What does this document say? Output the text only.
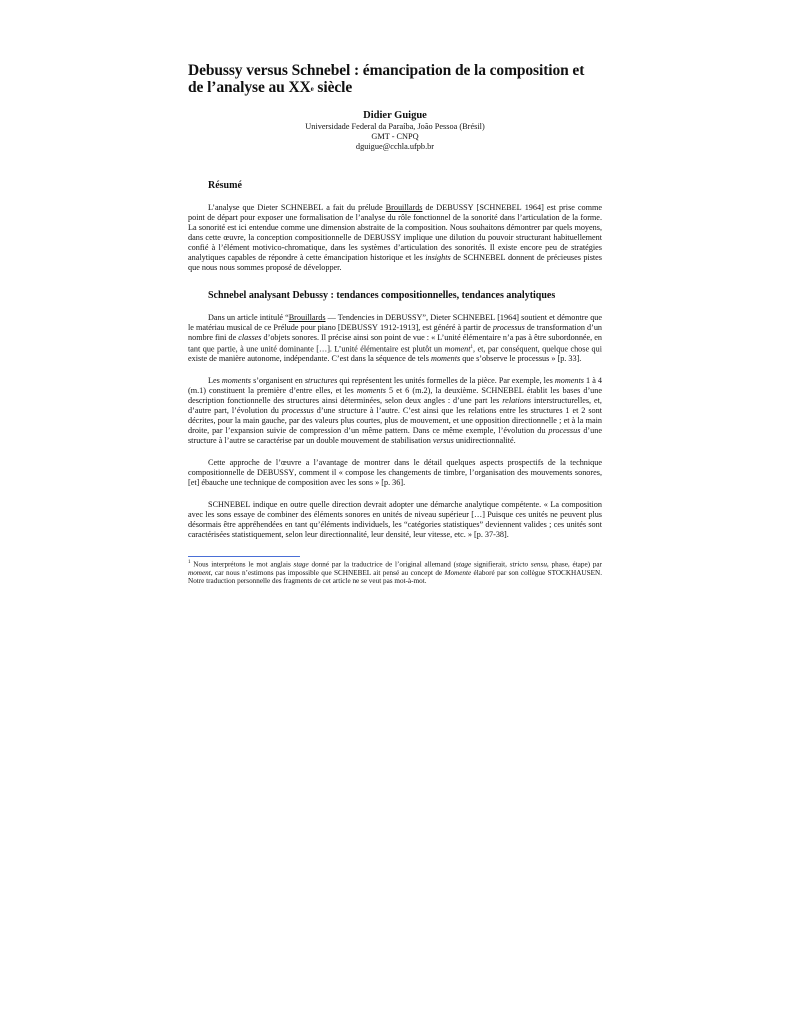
Debussy versus Schnebel : émancipation de la composition et
de l’analyse au XXe siècle
Didier Guigue
Universidade Federal da Paraíba, João Pessoa (Brésil)
GMT - CNPQ
dguigue@cchla.ufpb.br
Résumé

L’analyse que Dieter SCHNEBEL a fait du prélude Brouillards de DEBUSSY [SCHNEBEL 1964] est prise comme point de départ pour exposer une formalisation de l’analyse du rôle fonctionnel de la sonorité dans l’articulation de la forme. La sonorité est ici entendue comme une dimension abstraite de la composition. Nous souhaitons démontrer par quels moyens, dans cette œuvre, la conception compositionnelle de DEBUSSY implique une dilution du pouvoir structurant habituellement confié à l’élément motivico-chromatique, dans les systèmes d’articulation des sonorités. Il existe encore peu de stratégies analytiques capables de répondre à cette émancipation historique et les insights de SCHNEBEL donnent de précieuses pistes que nous nous sommes proposé de développer.

Schnebel analysant Debussy : tendances compositionnelles, tendances analytiques

Dans un article intitulé “Brouillards — Tendencies in DEBUSSY”, Dieter SCHNEBEL [1964] soutient et démontre que le matériau musical de ce Prélude pour piano [DEBUSSY 1912-1913], est généré à partir de processus de transformation d’un nombre fini de classes d’objets sonores. Il précise ainsi son point de vue : « L’unité élémentaire n’a pas à être subordonnée, en tant que partie, à une unité dominante […]. L’unité élémentaire est plutôt un moment$^1$, et, par conséquent, quelque chose qui existe de manière autonome, indépendante. C’est dans la séquence de tels moments que s’observe le processus » [p. 33].

Les moments s’organisent en structures qui représentent les unités formelles de la pièce. Par exemple, les moments 1 à 4 (m.1) constituent la première d’entre elles, et les moments 5 et 6 (m.2), la deuxième. SCHNEBEL établit les bases d’une description fonctionnelle des structures ainsi déterminées, selon deux angles : d’une part les relations interstructurelles, et, d’autre part, l’évolution du processus d’une structure à l’autre. C’est ainsi que les relations entre les structures 1 et 2 sont décrites, pour la main gauche, par des valeurs plus courtes, plus de mouvement, et une opposition directionnelle ; et à la main droite, par l’expansion suivie de compression d’un même pattern. Dans ce même exemple, l’évolution du processus d’une structure à l’autre se caractérise par un double mouvement de stabilisation versus unidirectionnalité.

Cette approche de l’œuvre a l’avantage de montrer dans le détail quelques aspects prospectifs de la technique compositionnelle de DEBUSSY, comment il « compose les changements de timbre, l’organisation des mouvements sonores, [et] ébauche une technique de composition avec les sons » [p. 36].

SCHNEBEL indique en outre quelle direction devrait adopter une démarche analytique compétente. « La composition avec les sons essaye de combiner des éléments sonores en unités de niveau supérieur […] Puisque ces unités ne peuvent plus désormais être appréhendées en tant qu’éléments individuels, les “catégories statistiques” deviennent valides ; ces unités sont caractérisées statistiquement, selon leur directionnalité, leur densité, leur vitesse, etc. » [p. 37-38].

$^1$ Nous interprétons le mot anglais stage donné par la traductrice de l’original allemand (stage signifierait, stricto sensu, phase, étape) par moment, car nous n’estimons pas impossible que SCHNEBEL ait pensé au concept de Momente élaboré par son collègue STOCKHAUSEN. Notre traduction personnelle des fragments de cet article ne se veut pas mot-à-mot.
